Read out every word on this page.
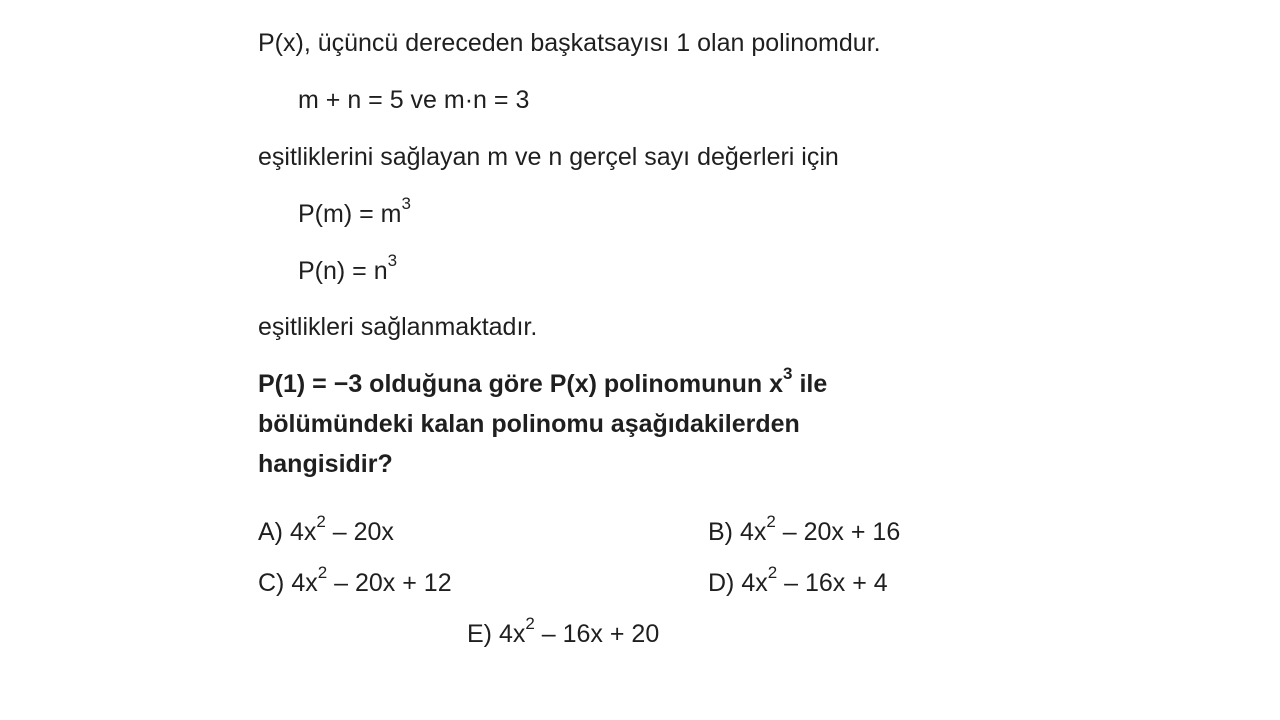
P(x), üçüncü dereceden başkatsayısı 1 olan polinomdur.
m + n = 5 ve m·n = 3
eşitliklerini sağlayan m ve n gerçel sayı değerleri için
$P(m) = m^3$
$P(n) = n^3$
eşitlikleri sağlanmaktadır.
P(1) = −3 olduğuna göre P(x) polinomunun $x^3$ ile
bölümündeki kalan polinomu aşağıdakilerden
hangisidir?
A) $4x^2 - 20x$	B) $4x^2 - 20x + 16$
C) $4x^2 - 20x + 12$	D) $4x^2 - 16x + 4$
E) $4x^2 - 16x + 20$
